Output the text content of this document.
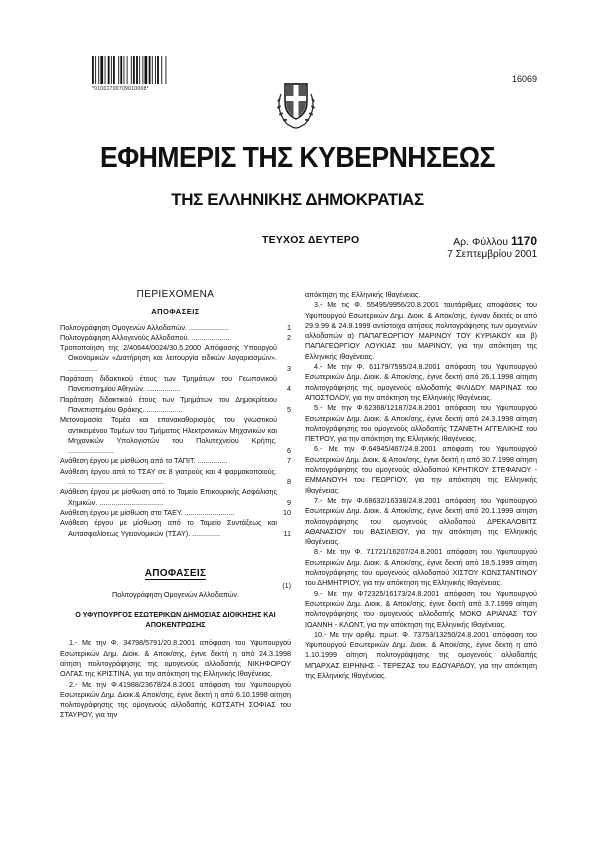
*01001700709010008*
16069
ΕΦΗΜΕΡΙΣ ΤΗΣ ΚΥΒΕΡΝΗΣΕΩΣ
ΤΗΣ ΕΛΛΗΝΙΚΗΣ ΔΗΜΟΚΡΑΤΙΑΣ
ΤΕΥΧΟΣ ΔΕΥΤΕΡΟ	Αρ. Φύλλου 1170
7 Σεπτεμβρίου 2001
ΠΕΡΙΕΧΟΜΕΝΑ
ΑΠΟΦΑΣΕΙΣ
Πολιτογράφηση Ομογενών Αλλοδαπών. ....................	1
Πολιτογράφηση Αλλογενούς Αλλοδαπού. ...................	2
Τροποποίηση της 2/40644/0024/30.5.2000 Απόφασης Υπουργού Οικονομικών «Διατήρηση και λειτουργία ειδικών λογαριασμών». ...............	3
Παράταση διδακτικού έτους των Τμημάτων του Γεωπονικού Πανεπιστημίου Αθηνών. .................	4
Παράταση διδακτικού έτους των Τμημάτων του Δημοκρίτειου Πανεπιστημίου Θράκης. ..................	5
Μετονομασία Τομέα και επανακαθορισμός του γνωστικού αντικειμένου Τομέων του Τμήματος Ηλεκτρονικών Μηχανικών και Μηχανικών Υπολογιστών του Πολυτεχνείου Κρήτης. .......................	6
Ανάθεση έργου με μίσθωση από το ΤΑΠΙΤ. ...............	7
Ανάθεση έργου από το ΤΣΑΥ σε 8 γιατρούς και 4 φαρμακοποιούς. ................................................	8
Ανάθεση έργου με μίσθωση από το Ταμείο Επικουρικής Ασφάλισης Χημικών. ................................	9
Ανάθεση έργου με μίσθωση στο ΤΑΕΥ. .........................	10
Ανάθεση έργου με μίσθωση από το Ταμείο Συντάξεως και Αυτασφαλίσεως Υγειονομικών (ΤΣΑΥ). ..............	11
ΑΠΟΦΑΣΕΙΣ
(1)
Πολιτογράφηση Ομογενών Αλλοδαπών.
Ο ΥΦΥΠΟΥΡΓΟΣ ΕΣΩΤΕΡΙΚΩΝ ΔΗΜΟΣΙΑΣ ΔΙΟΙΚΗΣΗΣ ΚΑΙ ΑΠΟΚΕΝΤΡΩΣΗΣ

1.- Με την Φ. 34798/5791/20.8.2001 απόφαση του Υφυπουργού Εσωτερικών Δημ. Διοικ. & Αποκ/σης, έγινε δεκτή η από 24.3.1998 αίτηση πολιτογράφησης της ομογενούς αλλοδαπής ΝΙΚΗΦΟΡΟΥ ΟΛΓΑΣ της ΚΡΙΣΤΙΝΑ, για την απόκτηση της Ελληνικής Ιθαγένειας.

2.- Με την Φ.41988/23678/24.8.2001 απόφαση του Υφυπουργού Εσωτερικών Δημ. Διοικ.& Αποκ/σης, έγινε δεκτή η από 6.10.1998 αίτηση πολιτογράφησης της ομογενούς αλλοδαπής ΚΩΤΣΑΤΗ ΣΟΦΙΑΣ του ΣΤΑΥΡΟΥ, για την

απόκτηση της Ελληνικής Ιθαγένειας.

3.- Με τις Φ. 55495/9956/20.8.2001 ταυτάριθμες αποφάσεις του Υφυπουργού Εσωτερικών Δημ. Διοικ. & Αποκ/σης, έγιναν δεκτές οι από 29.9.99 & 24.9.1999 αντίστοιχα αιτήσεις πολιτογράφησης των ομογενών αλλοδαπών α) ΠΑΠΑΓΕΩΡΓΙΟΥ ΜΑΡΙΝΟΥ ΤΟΥ ΚΥΡΙΑΚΟΥ και β) ΠΑΠΑΓΕΩΡΓΙΟΥ ΛΟΥΚΙΑΣ του ΜΑΡΙΝΟΥ, για την απόκτηση της Ελληνικής Ιθαγένειας.

4.- Με την Φ. 61179/7595/24.8.2001 απόφαση του Υφυπουργού Εσωτερικών Δημ. Διοικ. & Αποκ/σης, έγινε δεκτή από 26.1.1998 αίτηση πολιτογράφησης της ομογενούς αλλοδαπής ΦΙΛΙΔΟΥ ΜΑΡΙΝΑΣ του ΑΠΟΣΤΟΛΟΥ, για την απόκτηση της Ελληνικής Ιθαγένειας.

5.- Με την Φ.62368/12187/24.8.2001 απόφαση του Υφυπουργού Εσωτερικών Δημ. Διοικ. & Αποκ/σης, έγινε δεκτή από 24.3.1998 αίτηση πολιτογράφησης του ομογενούς αλλοδαπής ΤΖΑΝΕΤΗ ΑΓΓΕΛΙΚΗΣ του ΠΕΤΡΟΥ, για την απόκτηση της Ελληνικής Ιθαγένειας.

6.- Με την Φ.64945/467/24.8.2001 απόφαση του Υφυπουργού Εσωτερικών Δημ. Διοικ. & Αποκ/σης, έγινε δεκτή η από 30.7.1998 αίτηση πολιτογράφησης του ομογενούς αλλοδαπού ΚΡΗΤΙΚΟΥ ΣΤΕΦΑΝΟΥ - ΕΜΜΑΝΟΥΗ του ΓΕΩΡΓΙΟΥ, για την απόκτηση της Ελληνικής Ιθαγένειας.

7.- Με την Φ.68632/16338/24.8.2001 απόφαση του Υφυπουργού Εσωτερικών Δημ. Διοικ. & Αποκ/σης, έγινε δεκτή από 20.1.1999 αίτηση πολιτογράφησης του ομογενούς αλλοδαπού ΔΡΕΚΑΛΟΒΙΤΣ ΑΘΑΝΑΣΙΟΥ του ΒΑΣΙΛΕΙΟΥ, για την απόκτηση της Ελληνικής Ιθαγένειας.

8.- Με την Φ. 71721/16207/24.8.2001 απόφαση του Υφυπουργού Εσωτερικών Δημ. Διοικ. & Αποκ/σης, έγινε δεκτή από 18.5.1999 αίτηση πολιτογράφησης του ομογενούς αλλοδαπού ΧΙΣΤΟΥ ΚΩΝΣΤΑΝΤΙΝΟΥ του ΔΗΜΗΤΡΙΟΥ, για την απόκτηση της Ελληνικής Ιθαγένειας.

9.- Με την Φ72325/16173/24.8.2001 απόφαση του Υφυπουργού Εσωτερικών Δημ. Διοικ. & Αποκ/σης, έγινε δεκτή από 3.7.1999 αίτηση πολιτογράφησης του ομογενούς αλλοδαπής ΜΟΚΟ ΑΡΙΑΝΑΣ ΤΟΥ ΙΩΑΝΝΗ - ΚΛΩΝΤ, για την απόκτηση της Ελληνικής Ιθαγένειας.

10.- Με την αριθμ. πρωτ. Φ. 73753/13250/24.8.2001 απόφαση του Υφυπουργού Εσωτερικών Δημ. Διοικ. & Αποκ/σης, έγινε δεκτή η από 1.10.1999 αίτηση πολιτογράφησης της ομογενούς αλλοδαπής ΜΠΑΡΧΑΣ ΕΙΡΗΝΗΣ - ΤΕΡΕΖΑΣ του ΕΔΟΥΑΡΔΟΥ, για την απόκτηση της Ελληνικής Ιθαγένειας.
